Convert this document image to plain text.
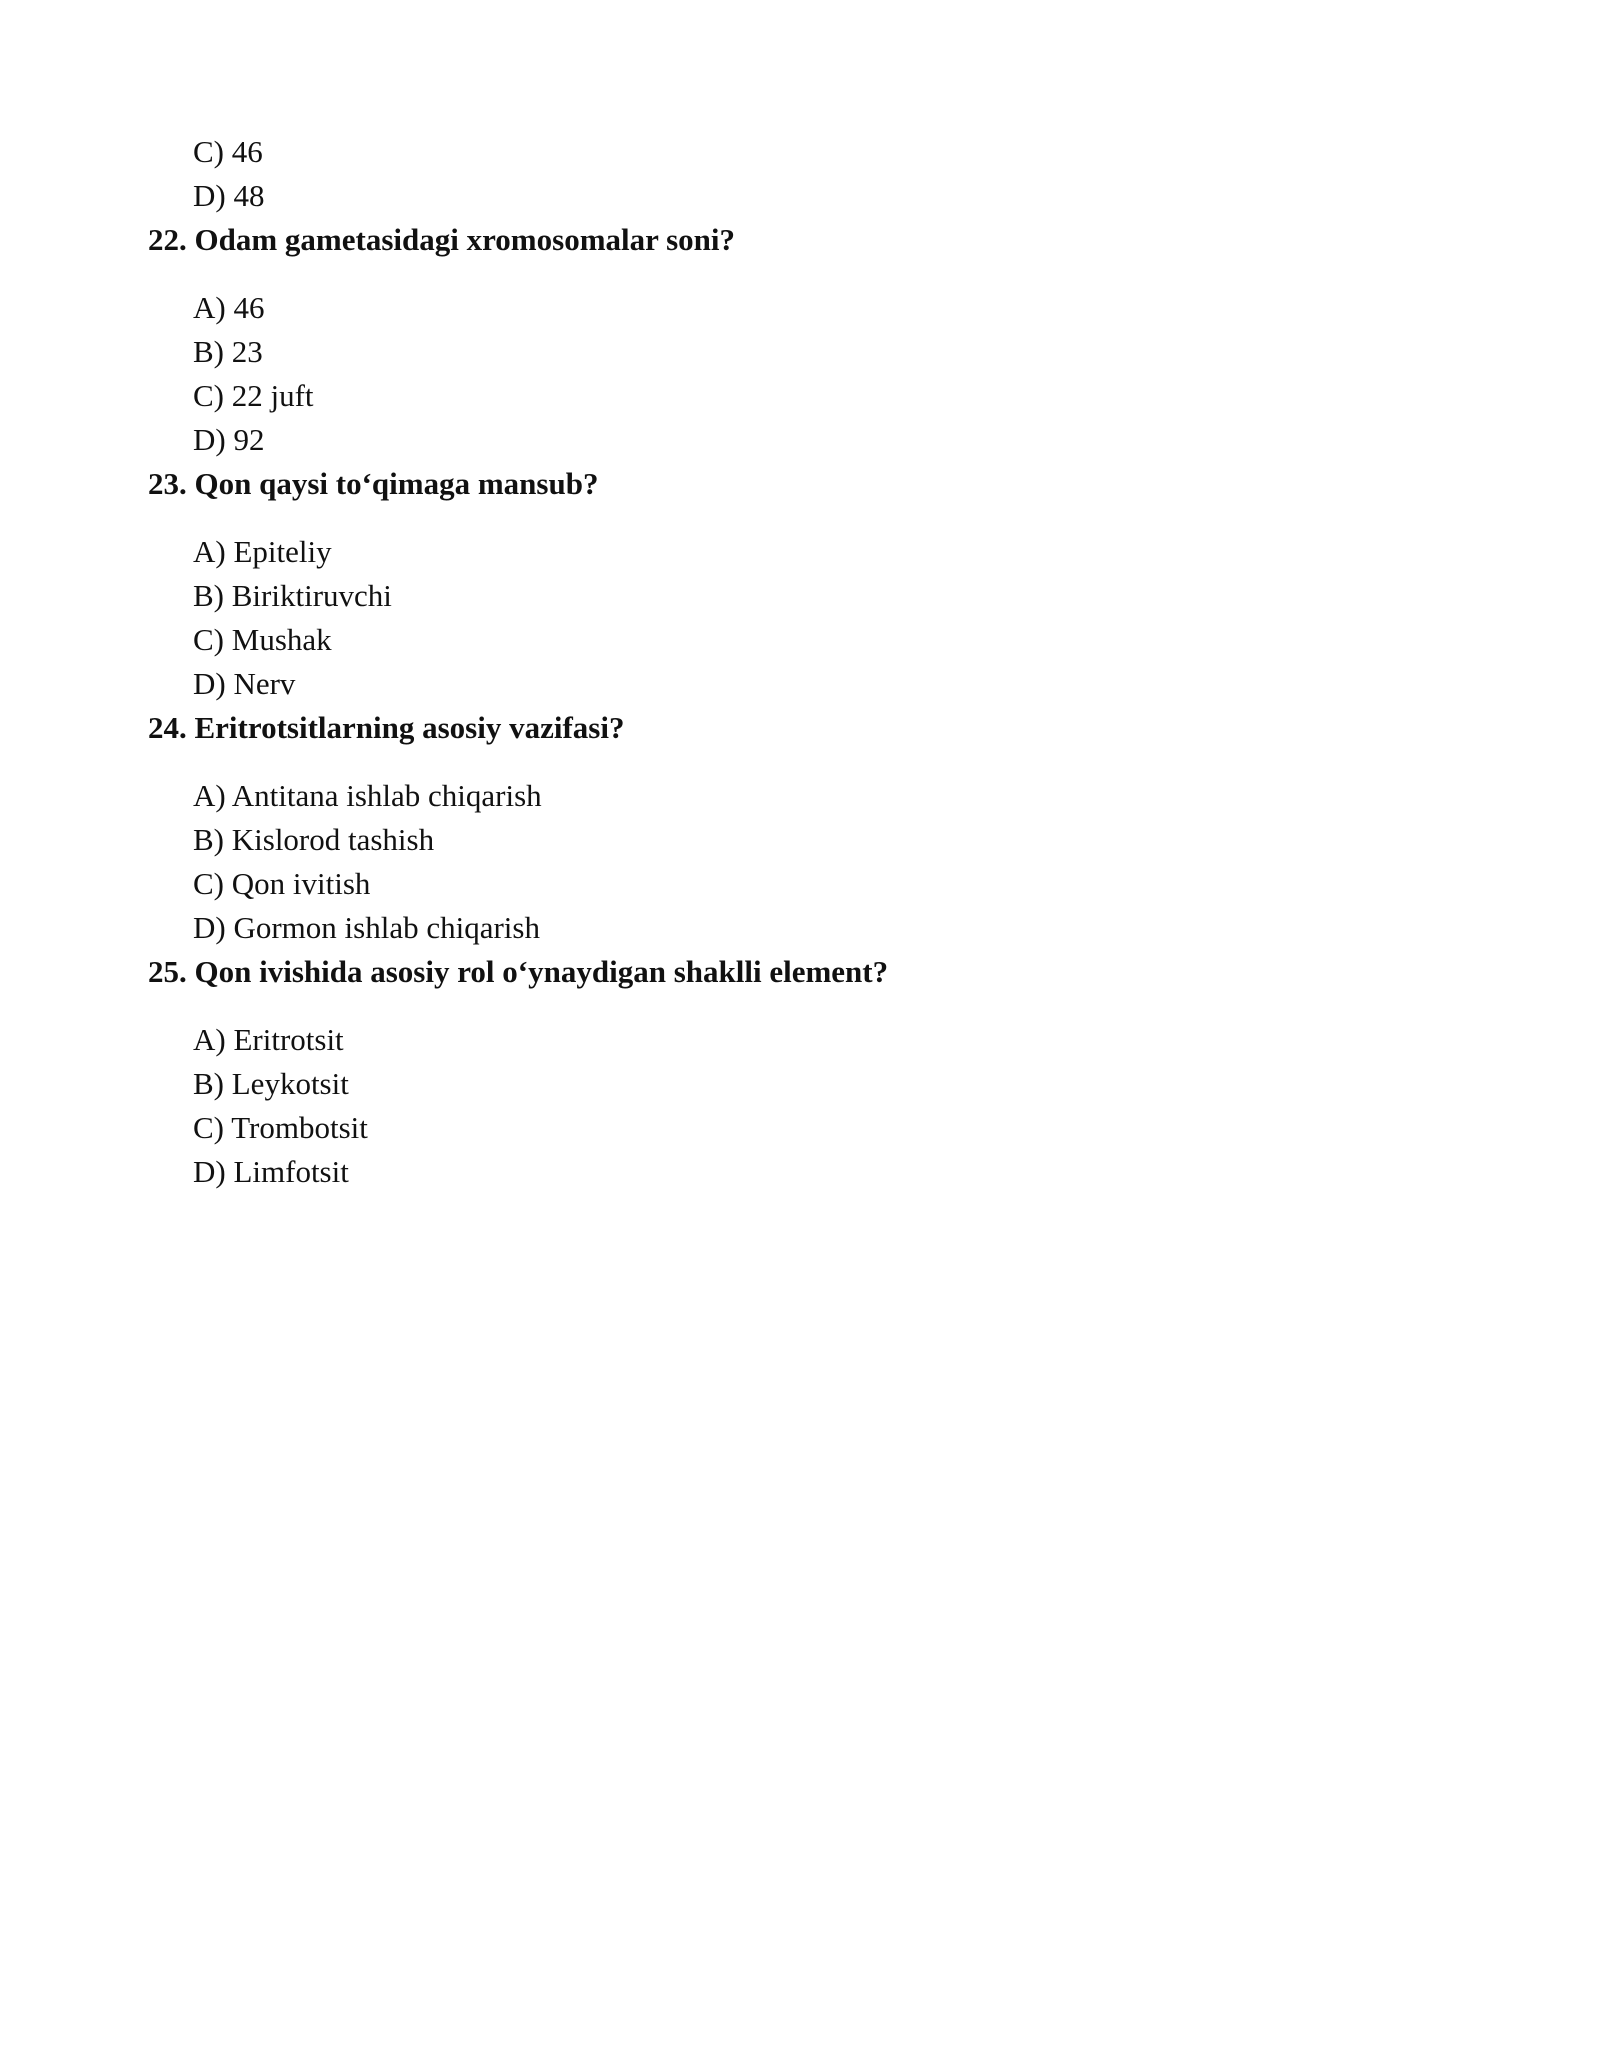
C) 46
D) 48
22. Odam gametasidagi xromosomalar soni?
A) 46
B) 23
C) 22 juft
D) 92
23. Qon qaysi to‘qimaga mansub?
A) Epiteliy
B) Biriktiruvchi
C) Mushak
D) Nerv
24. Eritrotsitlarning asosiy vazifasi?
A) Antitana ishlab chiqarish
B) Kislorod tashish
C) Qon ivitish
D) Gormon ishlab chiqarish
25. Qon ivishida asosiy rol o‘ynaydigan shaklli element?
A) Eritrotsit
B) Leykotsit
C) Trombotsit
D) Limfotsit
